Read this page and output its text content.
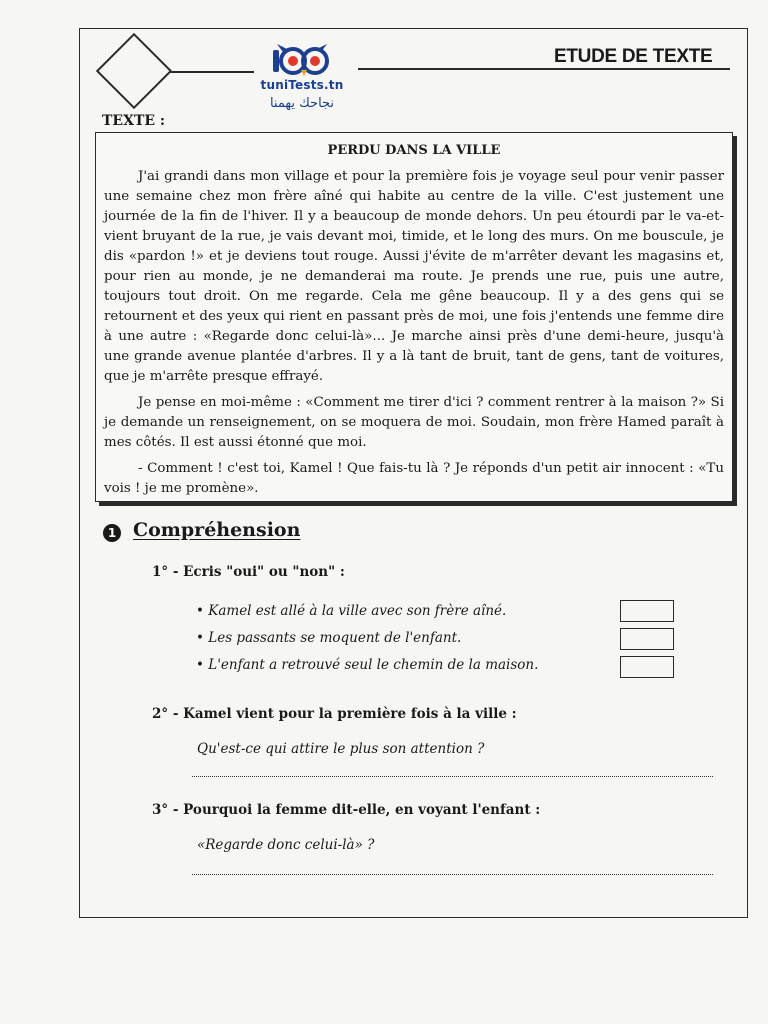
tuniTests.tn
نجاحك يهمنا
ETUDE DE TEXTE
TEXTE :
PERDU DANS LA VILLE

J'ai grandi dans mon village et pour la première fois je voyage seul pour venir passer une semaine chez mon frère aîné qui habite au centre de la ville. C'est justement une journée de la fin de l'hiver. Il y a beaucoup de monde dehors. Un peu étourdi par le va-et-vient bruyant de la rue, je vais devant moi, timide, et le long des murs. On me bouscule, je dis «pardon !» et je deviens tout rouge. Aussi j'évite de m'arrêter devant les magasins et, pour rien au monde, je ne demanderai ma route. Je prends une rue, puis une autre, toujours tout droit. On me regarde. Cela me gêne beaucoup. Il y a des gens qui se retournent et des yeux qui rient en passant près de moi, une fois j'entends une femme dire à une autre : «Regarde donc celui-là»... Je marche ainsi près d'une demi-heure, jusqu'à une grande avenue plantée d'arbres. Il y a là tant de bruit, tant de gens, tant de voitures, que je m'arrête presque effrayé.

Je pense en moi-même : «Comment me tirer d'ici ? comment rentrer à la maison ?» Si je demande un renseignement, on se moquera de moi. Soudain, mon frère Hamed paraît à mes côtés. Il est aussi étonné que moi.

- Comment ! c'est toi, Kamel ! Que fais-tu là ? Je réponds d'un petit air innocent : «Tu vois ! je me promène».

1 Compréhension
1° - Ecris "oui" ou "non" :
• Kamel est allé à la ville avec son frère aîné.
• Les passants se moquent de l'enfant.
• L'enfant a retrouvé seul le chemin de la maison.
2° - Kamel vient pour la première fois à la ville :
Qu'est-ce qui attire le plus son attention ?
3° - Pourquoi la femme dit-elle, en voyant l'enfant :
«Regarde donc celui-là» ?
